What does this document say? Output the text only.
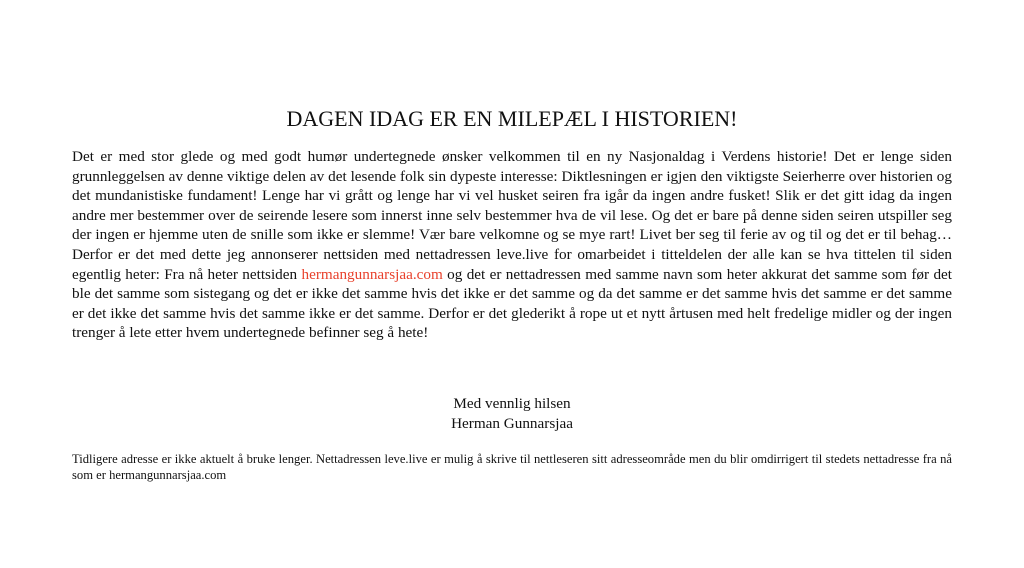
DAGEN IDAG ER EN MILEPÆL I HISTORIEN!

Det er med stor glede og med godt humør undertegnede ønsker velkommen til en ny Nasjonaldag i Verdens historie! Det er lenge siden grunnleggelsen av denne viktige delen av det lesende folk sin dypeste interesse: Diktlesningen er igjen den viktigste Seierherre over historien og det mundanistiske fundament! Lenge har vi grått og lenge har vi vel husket seiren fra igår da ingen andre fusket! Slik er det gitt idag da ingen andre mer bestemmer over de seirende lesere som innerst inne selv bestemmer hva de vil lese. Og det er bare på denne siden seiren utspiller seg der ingen er hjemme uten de snille som ikke er slemme! Vær bare velkomne og se mye rart! Livet ber seg til ferie av og til og det er til behag… Derfor er det med dette jeg annonserer nettsiden med nettadressen leve.live for omarbeidet i titteldelen der alle kan se hva tittelen til siden egentlig heter: Fra nå heter nettsiden hermangunnarsjaa.com og det er nettadressen med samme navn som heter akkurat det samme som før det ble det samme som sistegang og det er ikke det samme hvis det ikke er det samme og da det samme er det samme hvis det samme er det samme er det ikke det samme hvis det samme ikke er det samme. Derfor er det glederikt å rope ut et nytt årtusen med helt fredelige midler og der ingen trenger å lete etter hvem undertegnede befinner seg å hete!

Med vennlig hilsen
Herman Gunnarsjaa

Tidligere adresse er ikke aktuelt å bruke lenger. Nettadressen leve.live er mulig å skrive til nettleseren sitt adresseområde men du blir omdirrigert til stedets nettadresse fra nå som er hermangunnarsjaa.com
